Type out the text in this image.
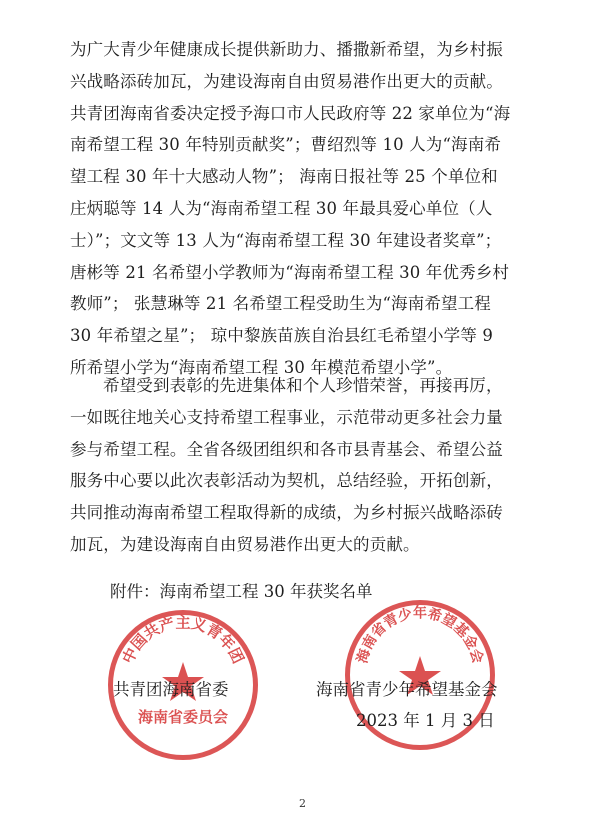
为广大青少年健康成长提供新助力、播撒新希望，为乡村振
兴战略添砖加瓦，为建设海南自由贸易港作出更大的贡献。
共青团海南省委决定授予海口市人民政府等 22 家单位为“海
南希望工程 30 年特别贡献奖”；曹绍烈等 10 人为“海南希
望工程 30 年十大感动人物”； 海南日报社等 25 个单位和
庄炳聪等 14 人为“海南希望工程 30 年最具爱心单位（人
士）”；文文等 13 人为“海南希望工程 30 年建设者奖章”；
唐彬等 21 名希望小学教师为“海南希望工程 30 年优秀乡村
教师”； 张慧琳等 21 名希望工程受助生为“海南希望工程
30 年希望之星”； 琼中黎族苗族自治县红毛希望小学等 9
所希望小学为“海南希望工程 30 年模范希望小学”。
希望受到表彰的先进集体和个人珍惜荣誉，再接再厉，
一如既往地关心支持希望工程事业，示范带动更多社会力量
参与希望工程。全省各级团组织和各市县青基会、希望公益
服务中心要以此次表彰活动为契机，总结经验，开拓创新，
共同推动海南希望工程取得新的成绩，为乡村振兴战略添砖
加瓦，为建设海南自由贸易港作出更大的贡献。
附件：海南希望工程 30 年获奖名单
中国共产主义青年团
海南省委员会
海南省青少年希望基金会
共青团海南省委	海南省青少年希望基金会
2023 年 1 月 3 日
2
